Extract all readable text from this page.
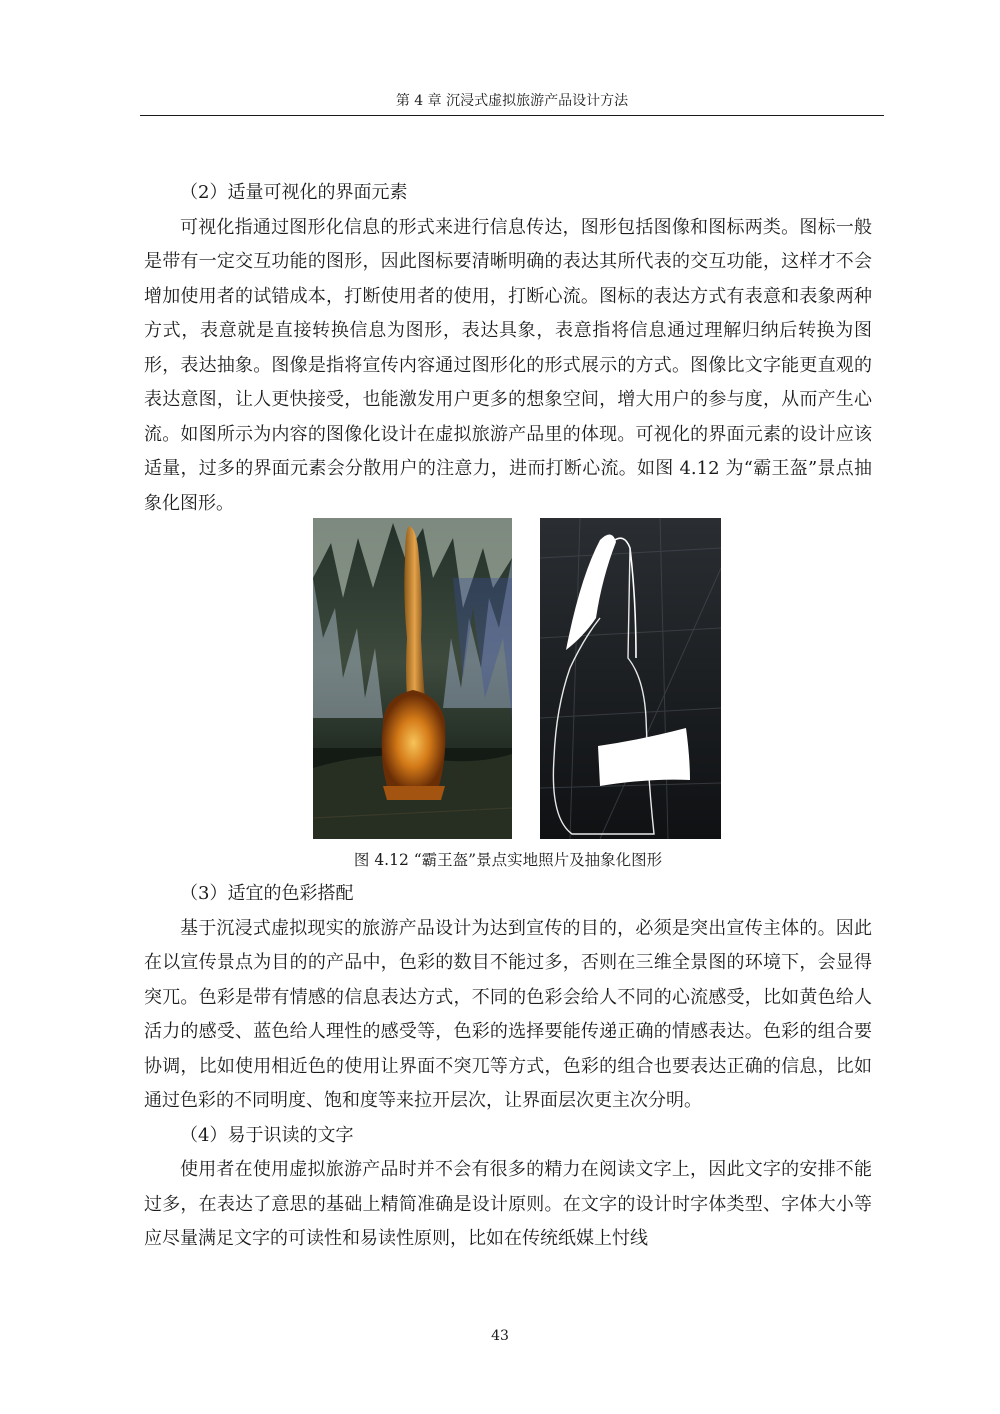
第 4 章 沉浸式虚拟旅游产品设计方法

（2）适量可视化的界面元素

可视化指通过图形化信息的形式来进行信息传达，图形包括图像和图标两类。图标一般是带有一定交互功能的图形，因此图标要清晰明确的表达其所代表的交互功能，这样才不会增加使用者的试错成本，打断使用者的使用，打断心流。图标的表达方式有表意和表象两种方式，表意就是直接转换信息为图形，表达具象，表意指将信息通过理解归纳后转换为图形，表达抽象。图像是指将宣传内容通过图形化的形式展示的方式。图像比文字能更直观的表达意图，让人更快接受，也能激发用户更多的想象空间，增大用户的参与度，从而产生心流。如图所示为内容的图像化设计在虚拟旅游产品里的体现。可视化的界面元素的设计应该适量，过多的界面元素会分散用户的注意力，进而打断心流。如图 4.12 为“霸王盔”景点抽象化图形。

图 4.12 “霸王盔”景点实地照片及抽象化图形

（3）适宜的色彩搭配

基于沉浸式虚拟现实的旅游产品设计为达到宣传的目的，必须是突出宣传主体的。因此在以宣传景点为目的的产品中，色彩的数目不能过多，否则在三维全景图的环境下，会显得突兀。色彩是带有情感的信息表达方式，不同的色彩会给人不同的心流感受，比如黄色给人活力的感受、蓝色给人理性的感受等，色彩的选择要能传递正确的情感表达。色彩的组合要协调，比如使用相近色的使用让界面不突兀等方式，色彩的组合也要表达正确的信息，比如通过色彩的不同明度、饱和度等来拉开层次，让界面层次更主次分明。

（4）易于识读的文字

使用者在使用虚拟旅游产品时并不会有很多的精力在阅读文字上，因此文字的安排不能过多，在表达了意思的基础上精简准确是设计原则。在文字的设计时字体类型、字体大小等应尽量满足文字的可读性和易读性原则，比如在传统纸媒上忖线

43
